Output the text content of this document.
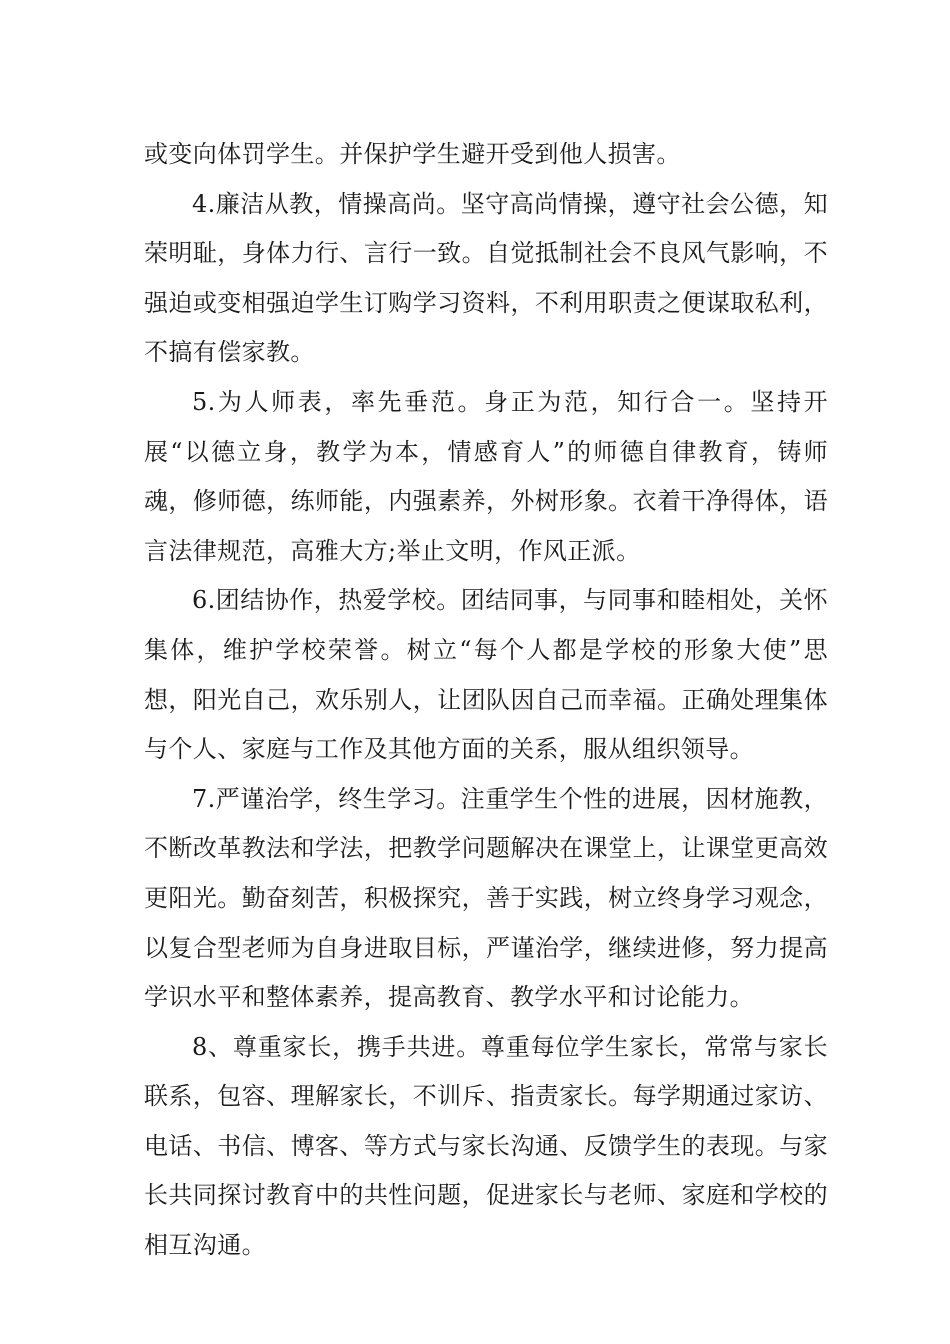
或变向体罚学生。并保护学生避开受到他人损害。

4.廉洁从教，情操高尚。坚守高尚情操，遵守社会公德，知荣明耻，身体力行、言行一致。自觉抵制社会不良风气影响，不强迫或变相强迫学生订购学习资料，不利用职责之便谋取私利，不搞有偿家教。

5.为人师表，率先垂范。身正为范，知行合一。坚持开展“以德立身，教学为本，情感育人”的师德自律教育，铸师魂，修师德，练师能，内强素养，外树形象。衣着干净得体，语言法律规范，高雅大方;举止文明，作风正派。

6.团结协作，热爱学校。团结同事，与同事和睦相处，关怀集体，维护学校荣誉。树立“每个人都是学校的形象大使”思想，阳光自己，欢乐别人，让团队因自己而幸福。正确处理集体与个人、家庭与工作及其他方面的关系，服从组织领导。

7.严谨治学，终生学习。注重学生个性的进展，因材施教，不断改革教法和学法，把教学问题解决在课堂上，让课堂更高效更阳光。勤奋刻苦，积极探究，善于实践，树立终身学习观念，以复合型老师为自身进取目标，严谨治学，继续进修，努力提高学识水平和整体素养，提高教育、教学水平和讨论能力。

8、尊重家长，携手共进。尊重每位学生家长，常常与家长联系，包容、理解家长，不训斥、指责家长。每学期通过家访、电话、书信、博客、等方式与家长沟通、反馈学生的表现。与家长共同探讨教育中的共性问题，促进家长与老师、家庭和学校的相互沟通。
